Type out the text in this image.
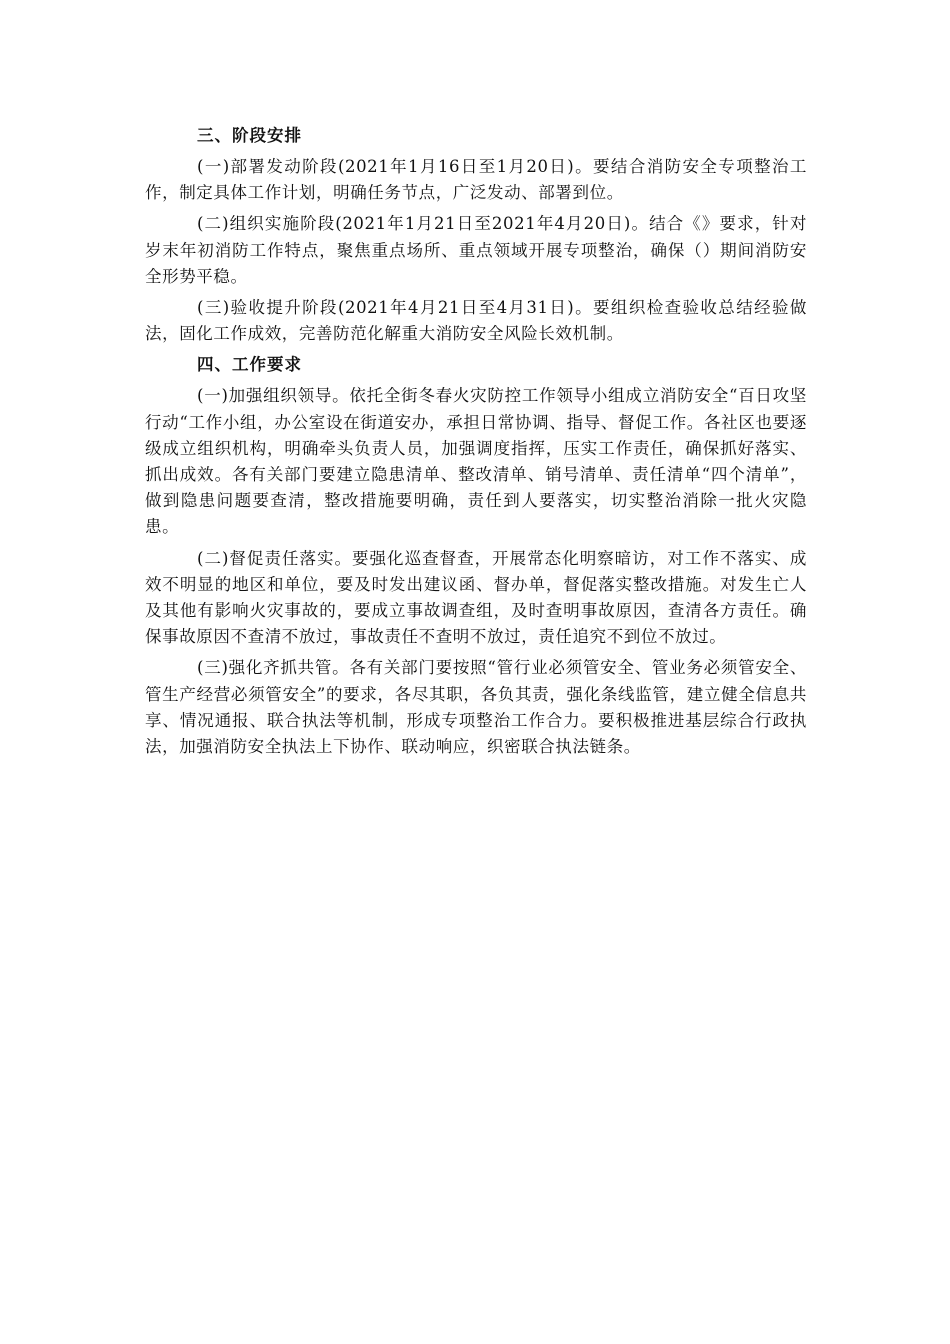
三、阶段安排

(一)部署发动阶段(2021年1月16日至1月20日)。要结合消防安全专项整治工作，制定具体工作计划，明确任务节点，广泛发动、部署到位。

(二)组织实施阶段(2021年1月21日至2021年4月20日)。结合《》要求，针对岁末年初消防工作特点，聚焦重点场所、重点领域开展专项整治，确保（）期间消防安全形势平稳。

(三)验收提升阶段(2021年4月21日至4月31日)。要组织检查验收总结经验做法，固化工作成效，完善防范化解重大消防安全风险长效机制。

四、工作要求

(一)加强组织领导。依托全街冬春火灾防控工作领导小组成立消防安全“百日攻坚行动“工作小组，办公室设在街道安办，承担日常协调、指导、督促工作。各社区也要逐级成立组织机构，明确牵头负责人员，加强调度指挥，压实工作责任，确保抓好落实、抓出成效。各有关部门要建立隐患清单、整改清单、销号清单、责任清单“四个清单”，做到隐患问题要查清，整改措施要明确，责任到人要落实，切实整治消除一批火灾隐患。

(二)督促责任落实。要强化巡查督查，开展常态化明察暗访，对工作不落实、成效不明显的地区和单位，要及时发出建议函、督办单，督促落实整改措施。对发生亡人及其他有影响火灾事故的，要成立事故调查组，及时查明事故原因，查清各方责任。确保事故原因不查清不放过，事故责任不查明不放过，责任追究不到位不放过。

(三)强化齐抓共管。各有关部门要按照“管行业必须管安全、管业务必须管安全、管生产经营必须管安全”的要求，各尽其职，各负其责，强化条线监管，建立健全信息共享、情况通报、联合执法等机制，形成专项整治工作合力。要积极推进基层综合行政执法，加强消防安全执法上下协作、联动响应，织密联合执法链条。
